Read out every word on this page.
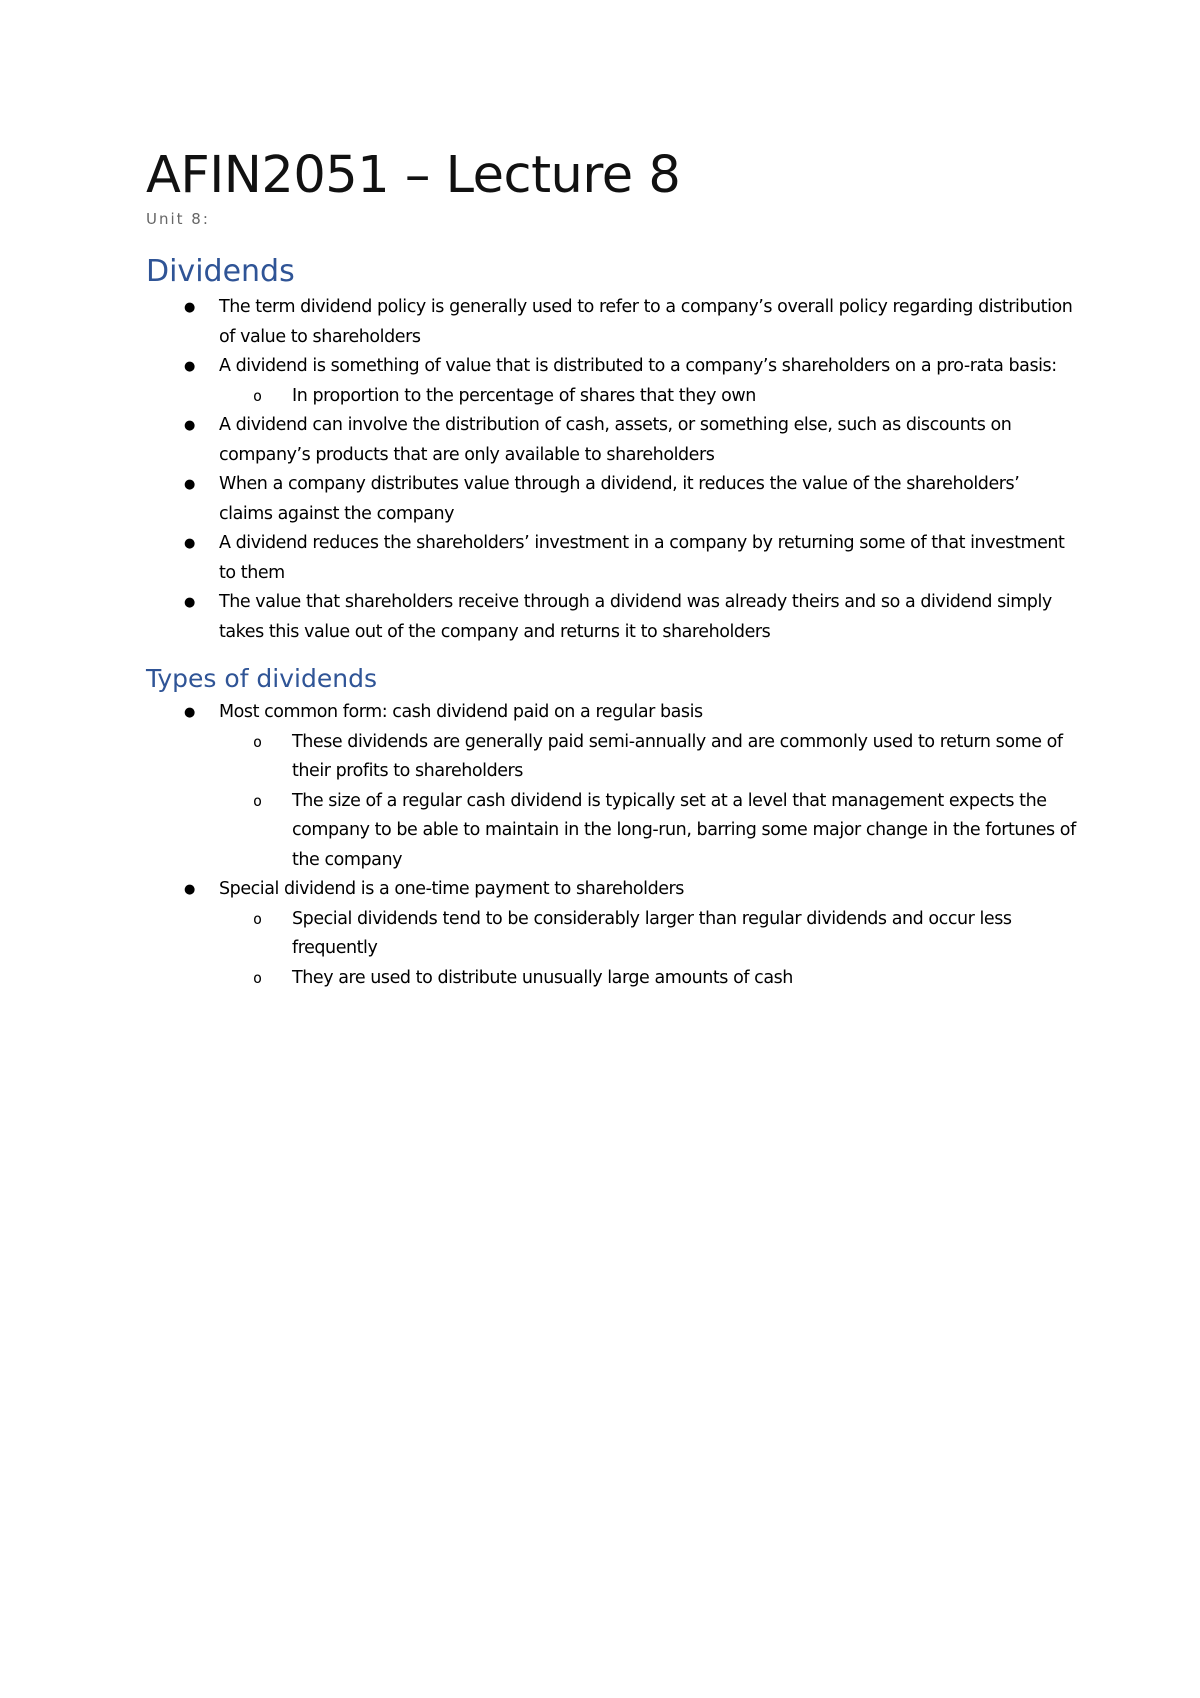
AFIN2051 – Lecture 8
Unit 8:
Dividends
● The term dividend policy is generally used to refer to a company’s overall policy regarding distribution of value to shareholders
● A dividend is something of value that is distributed to a company’s shareholders on a pro-rata basis:
o In proportion to the percentage of shares that they own
● A dividend can involve the distribution of cash, assets, or something else, such as discounts on company’s products that are only available to shareholders
● When a company distributes value through a dividend, it reduces the value of the shareholders’ claims against the company
● A dividend reduces the shareholders’ investment in a company by returning some of that investment to them
● The value that shareholders receive through a dividend was already theirs and so a dividend simply takes this value out of the company and returns it to shareholders
Types of dividends
● Most common form: cash dividend paid on a regular basis
o These dividends are generally paid semi-annually and are commonly used to return some of their profits to shareholders
o The size of a regular cash dividend is typically set at a level that management expects the company to be able to maintain in the long-run, barring some major change in the fortunes of the company
● Special dividend is a one-time payment to shareholders
o Special dividends tend to be considerably larger than regular dividends and occur less frequently
o They are used to distribute unusually large amounts of cash
